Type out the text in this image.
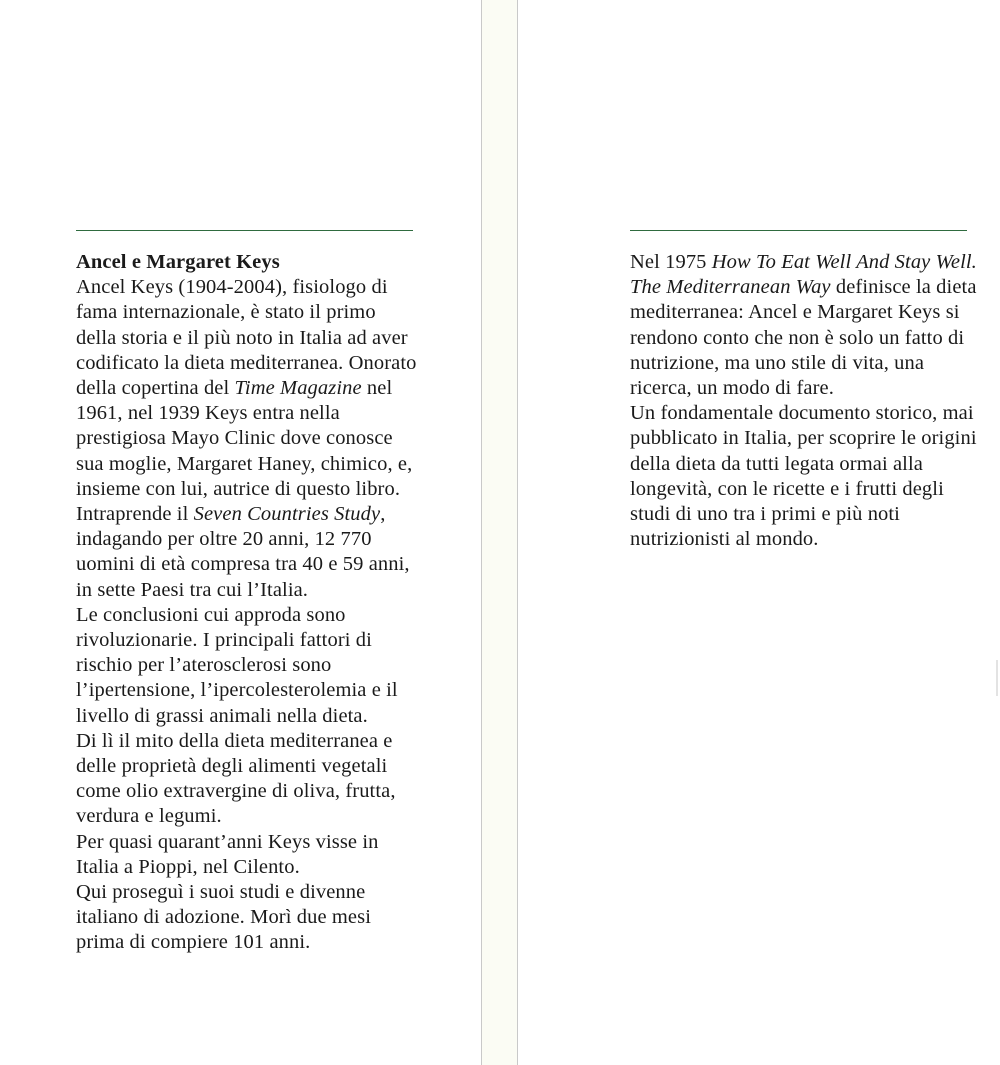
Ancel e Margaret Keys

Ancel Keys (1904-2004), fisiologo di fama internazionale, è stato il primo della storia e il più noto in Italia ad aver codificato la dieta mediterranea. Onorato della copertina del Time Magazine nel 1961, nel 1939 Keys entra nella prestigiosa Mayo Clinic dove conosce sua moglie, Margaret Haney, chimico, e, insieme con lui, autrice di questo libro.

Intraprende il Seven Countries Study, indagando per oltre 20 anni, 12 770 uomini di età compresa tra 40 e 59 anni, in sette Paesi tra cui l’Italia.

Le conclusioni cui approda sono rivoluzionarie. I principali fattori di rischio per l’aterosclerosi sono l’ipertensione, l’ipercolesterolemia e il livello di grassi animali nella dieta.

Di lì il mito della dieta mediterranea e delle proprietà degli alimenti vegetali come olio extravergine di oliva, frutta, verdura e legumi.

Per quasi quarant’anni Keys visse in Italia a Pioppi, nel Cilento.

Qui proseguì i suoi studi e divenne italiano di adozione. Morì due mesi prima di compiere 101 anni.

Nel 1975 How To Eat Well And Stay Well. The Mediterranean Way definisce la dieta mediterranea: Ancel e Margaret Keys si rendono conto che non è solo un fatto di nutrizione, ma uno stile di vita, una ricerca, un modo di fare.

Un fondamentale documento storico, mai pubblicato in Italia, per scoprire le origini della dieta da tutti legata ormai alla longevità, con le ricette e i frutti degli studi di uno tra i primi e più noti nutrizionisti al mondo.
